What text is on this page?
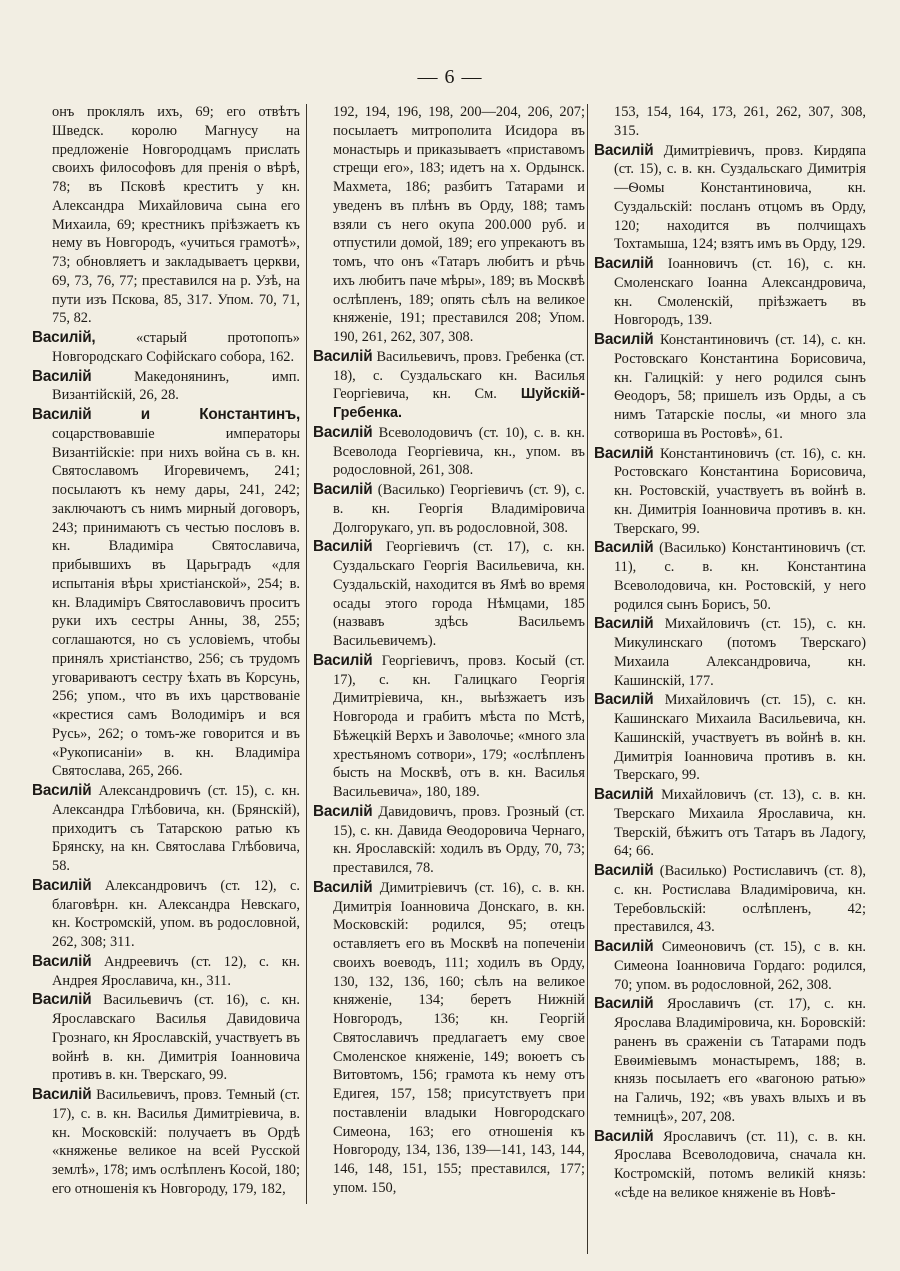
— 6 —

онъ проклялъ ихъ, 69; его отвѣтъ Шведск. королю Магнусу на предложеніе Новгородцамъ прислать своихъ философовъ для пренія о вѣрѣ, 78; въ Псковѣ креститъ у кн. Александра Михайловича сына его Михаила, 69; крестникъ пріѣзжаетъ къ нему въ Новгородъ, «учиться грамотѣ», 73; обновляетъ и закладываетъ церкви, 69, 73, 76, 77; преставился на р. Узѣ, на пути изъ Пскова, 85, 317. Упом. 70, 71, 75, 82.

Василій, «старый протопопъ» Новгородскаго Софійскаго собора, 162.

Василій Македонянинъ, имп. Византійскій, 26, 28.

Василій и Константинъ, соцарствовавшіе императоры Византійскіе: при нихъ война съ в. кн. Святославомъ Игоревичемъ, 241; посылаютъ къ нему дары, 241, 242; заключаютъ съ нимъ мирный договоръ, 243; принимаютъ съ честью пословъ в. кн. Владиміра Святославича, прибывшихъ въ Царьградъ «для испытанія вѣры христіанской», 254; в. кн. Владиміръ Святославовичъ проситъ руки ихъ сестры Анны, 38, 255; соглашаются, но съ условіемъ, чтобы принялъ христіанство, 256; съ трудомъ уговариваютъ сестру ѣхать въ Корсунь, 256; упом., что въ ихъ царствованіе «крестися самъ Володимiръ и вся Русь», 262; о томъ-же говорится и въ «Рукописаніи» в. кн. Владиміра Святослава, 265, 266.

Василій Александровичъ (ст. 15), с. кн. Александра Глѣбовича, кн. (Брянскій), приходитъ съ Татарскою ратью къ Брянску, на кн. Святослава Глѣбовича, 58.

Василій Александровичъ (ст. 12), с. благовѣрн. кн. Александра Невскаго, кн. Костромскій, упом. въ родословной, 262, 308; 311.

Василій Андреевичъ (ст. 12), с. кн. Андрея Ярославича, кн., 311.

Василій Васильевичъ (ст. 16), с. кн. Ярославскаго Василья Давидовича Грознаго, кн Ярославскій, участвуетъ въ войнѣ в. кн. Димитрія Іоанновича противъ в. кн. Тверскаго, 99.

Василій Васильевичъ, провз. Темный (ст. 17), с. в. кн. Василья Димитріевича, в. кн. Московскій: получаетъ въ Ордѣ «княженье великое на всей Русской землѣ», 178; имъ ослѣпленъ Косой, 180; его отношенія къ Новгороду, 179, 182,

192, 194, 196, 198, 200—204, 206, 207; посылаетъ митрополита Исидора въ монастырь и приказываетъ «приставомъ стрещи его», 183; идетъ на х. Ордынск. Махмета, 186; разбитъ Татарами и уведенъ въ плѣнъ въ Орду, 188; тамъ взяли съ него окупа 200.000 руб. и отпустили домой, 189; его упрекаютъ въ томъ, что онъ «Татаръ любитъ и рѣчь ихъ любитъ паче мѣры», 189; въ Москвѣ ослѣпленъ, 189; опять сѣлъ на великое княженіе, 191; преставился 208; Упом. 190, 261, 262, 307, 308.

Василій Васильевичъ, провз. Гребенка (ст. 18), с. Суздальскаго кн. Василья Георгіевича, кн. См. Шуйскій-Гребенка.

Василій Всеволодовичъ (ст. 10), с. в. кн. Всеволода Георгіевича, кн., упом. въ родословной, 261, 308.

Василій (Василько) Георгіевичъ (ст. 9), с. в. кн. Георгія Владиміровича Долгорукаго, уп. въ родословной, 308.

Василій Георгіевичъ (ст. 17), с. кн. Суздальскаго Георгія Васильевича, кн. Суздальскій, находится въ Ямѣ во время осады этого города Нѣмцами, 185 (назвавъ здѣсь Васильемъ Васильевичемъ).

Василій Георгіевичъ, провз. Косый (ст. 17), с. кн. Галицкаго Георгія Димитріевича, кн., выѣзжаетъ изъ Новгорода и грабитъ мѣста по Мстѣ, Бѣжецкій Верхъ и Заволочье; «много зла хрестьяномъ сотвори», 179; «ослѣпленъ бысть на Москвѣ, отъ в. кн. Василья Васильевича», 180, 189.

Василій Давидовичъ, провз. Грозный (ст. 15), с. кн. Давида Ѳеодоровича Чернаго, кн. Ярославскій: ходилъ въ Орду, 70, 73; преставился, 78.

Василій Димитріевичъ (ст. 16), с. в. кн. Димитрія Іоанновича Донскаго, в. кн. Московскій: родился, 95; отецъ оставляетъ его въ Москвѣ на попеченіи своихъ воеводъ, 111; ходилъ въ Орду, 130, 132, 136, 160; сѣлъ на великое княженіе, 134; беретъ Нижній Новгородъ, 136; кн. Георгій Святославичъ предлагаетъ ему свое Смоленское княженіе, 149; воюетъ съ Витовтомъ, 156; грамота къ нему отъ Едигея, 157, 158; присутствуетъ при поставленіи владыки Новгородскаго Симеона, 163; его отношенія къ Новгороду, 134, 136, 139—141, 143, 144, 146, 148, 151, 155; преставился, 177; упом. 150,

153, 154, 164, 173, 261, 262, 307, 308, 315.

Василій Димитріевичъ, провз. Кирдяпа (ст. 15), с. в. кн. Суздальскаго Димитрія—Ѳомы Константиновича, кн. Суздальскій: посланъ отцомъ въ Орду, 120; находится въ полчищахъ Тохтамыша, 124; взятъ имъ въ Орду, 129.

Василій Іоанновичъ (ст. 16), с. кн. Смоленскаго Іоанна Александровича, кн. Смоленскій, пріѣзжаетъ въ Новгородъ, 139.

Василій Константиновичъ (ст. 14), с. кн. Ростовскаго Константина Борисовича, кн. Галицкій: у него родился сынъ Ѳеодоръ, 58; пришелъ изъ Орды, а съ нимъ Татарскіе послы, «и много зла сотвориша въ Ростовѣ», 61.

Василій Константиновичъ (ст. 16), с. кн. Ростовскаго Константина Борисовича, кн. Ростовскій, участвуетъ въ войнѣ в. кн. Димитрія Іоанновича противъ в. кн. Тверскаго, 99.

Василій (Василько) Константиновичъ (ст. 11), с. в. кн. Константина Всеволодовича, кн. Ростовскій, у него родился сынъ Борисъ, 50.

Василій Михайловичъ (ст. 15), с. кн. Микулинскаго (потомъ Тверскаго) Михаила Александровича, кн. Кашинскій, 177.

Василій Михайловичъ (ст. 15), с. кн. Кашинскаго Михаила Васильевича, кн. Кашинскій, участвуетъ въ войнѣ в. кн. Димитрія Іоанновича противъ в. кн. Тверскаго, 99.

Василій Михайловичъ (ст. 13), с. в. кн. Тверскаго Михаила Ярославича, кн. Тверскій, бѣжитъ отъ Татаръ въ Ладогу, 64; 66.

Василій (Василько) Ростиславичъ (ст. 8), с. кн. Ростислава Владиміровича, кн. Теребовльскій: ослѣпленъ, 42; преставился, 43.

Василій Симеоновичъ (ст. 15), с в. кн. Симеона Іоанновича Гордаго: родился, 70; упом. въ родословной, 262, 308.

Василій Ярославичъ (ст. 17), с. кн. Ярослава Владиміровича, кн. Боровскій: раненъ въ сраженіи съ Татарами подъ Евѳиміевымъ монастыремъ, 188; в. князь посылаетъ его «вагоною ратью» на Галичь, 192; «въ увахъ влыхъ и въ темницѣ», 207, 208.

Василій Ярославичъ (ст. 11), с. в. кн. Ярослава Всеволодовича, сначала кн. Костромскій, потомъ великій князь: «сѣде на великое княженіе въ Новѣ-
